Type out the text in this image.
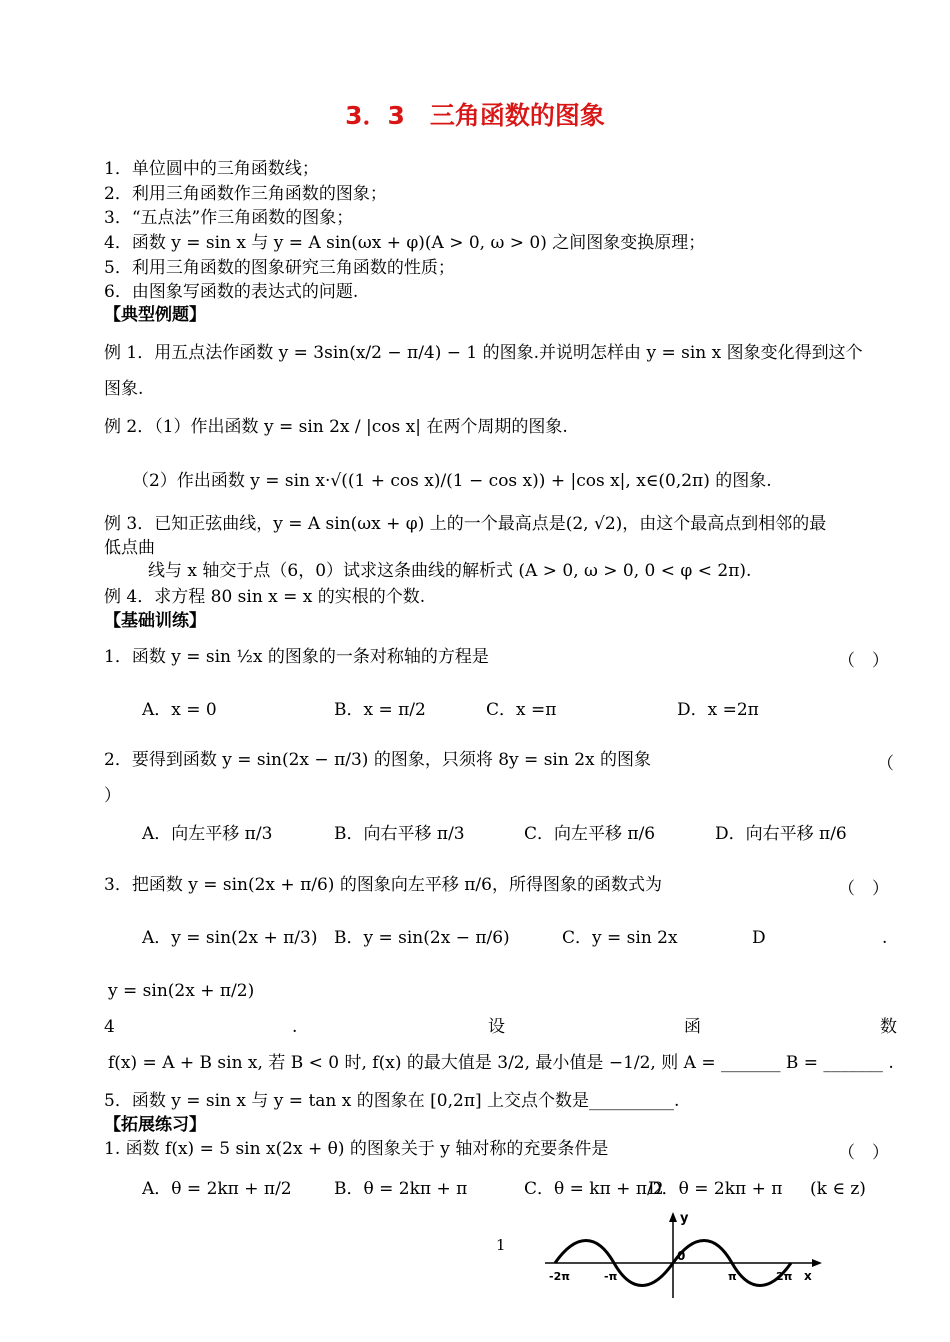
3．3　三角函数的图象
1．单位圆中的三角函数线；
2．利用三角函数作三角函数的图象；
3．“五点法”作三角函数的图象；
4．函数 y = sin x 与 y = A sin(ωx + φ)(A > 0, ω > 0) 之间图象变换原理；
5．利用三角函数的图象研究三角函数的性质；
6．由图象写函数的表达式的问题.
【典型例题】
例 1．用五点法作函数 y = 3sin(x/2 − π/4) − 1 的图象.并说明怎样由 y = sin x 图象变化得到这个
图象.
例 2．（1）作出函数 y = sin 2x / |cos x| 在两个周期的图象.
（2）作出函数 y = sin x·√((1 + cos x)/(1 − cos x)) + |cos x|, x∈(0,2π) 的图象.
例 3．已知正弦曲线，y = A sin(ωx + φ) 上的一个最高点是(2, √2)，由这个最高点到相邻的最
低点曲
线与 x 轴交于点（6，0）试求这条曲线的解析式 (A > 0, ω > 0, 0 < φ < 2π).
例 4．求方程 80 sin x = x 的实根的个数.
【基础训练】
1．函数 y = sin ½x 的图象的一条对称轴的方程是	（　）
A．x = 0	B．x = π/2	C．x =π	D．x =2π
2．要得到函数 y = sin(2x − π/3) 的图象，只须将 8y = sin 2x 的图象	（
）
A．向左平移 π/3	B．向右平移 π/3	C．向左平移 π/6	D．向右平移 π/6
3．把函数 y = sin(2x + π/6) 的图象向左平移 π/6，所得图象的函数式为	（　）
A．y = sin(2x + π/3) B．y = sin(2x − π/6)	C．y = sin 2x	D	.
y = sin(2x + π/2)
4	.	设	函	数
f(x) = A + B sin x, 若 B < 0 时, f(x) 的最大值是 3/2, 最小值是 −1/2, 则 A = _______ B = _______ .
5．函数 y = sin x 与 y = tan x 的图象在 [0,2π] 上交点个数是__________.
【拓展练习】
1. 函数 f(x) = 5 sin x(2x + θ) 的图象关于 y 轴对称的充要条件是	（　）
A．θ = 2kπ + π/2 B．θ = 2kπ + π	C．θ = kπ + π/2
D．θ = 2kπ + π (k ∈ z)
1
y
0
-2π	-π	π	2π x
